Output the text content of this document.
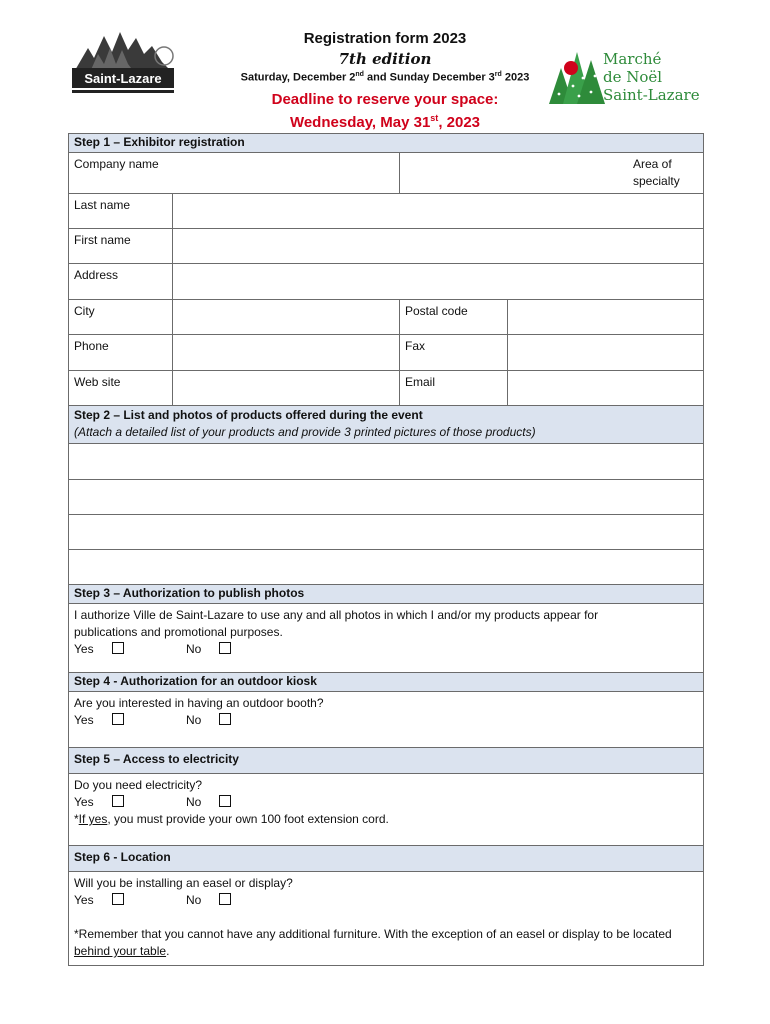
Saint-Lazare
Registration form 2023
7th edition
Saturday, December 2nd and Sunday December 3rd 2023
Deadline to reserve your space:
Wednesday, May 31st, 2023
Marché
de Noël
Saint-Lazare
Step 1 – Exhibitor registration			
Company name		Area of specialty	
Last name			
First name			
Address			
City		Postal code	
Phone		Fax	
Web site		Email	

Step 2 – List and photos of products offered during the event
(Attach a detailed list of your products and provide 3 printed pictures of those products)			

Step 3 – Authorization to publish photos			

I authorize Ville de Saint-Lazare to use any and all photos in which I and/or my products appear for publications and promotional purposes.
Yes No			

Step 4 - Authorization for an outdoor kiosk			

Are you interested in having an outdoor booth?
Yes No			

Step 5 – Access to electricity			

Do you need electricity?
Yes No
*If yes, you must provide your own 100 foot extension cord.			

Step 6 - Location			

Will you be installing an easel or display?
Yes No
*Remember that you cannot have any additional furniture. With the exception of an easel or display to be located behind your table.			
